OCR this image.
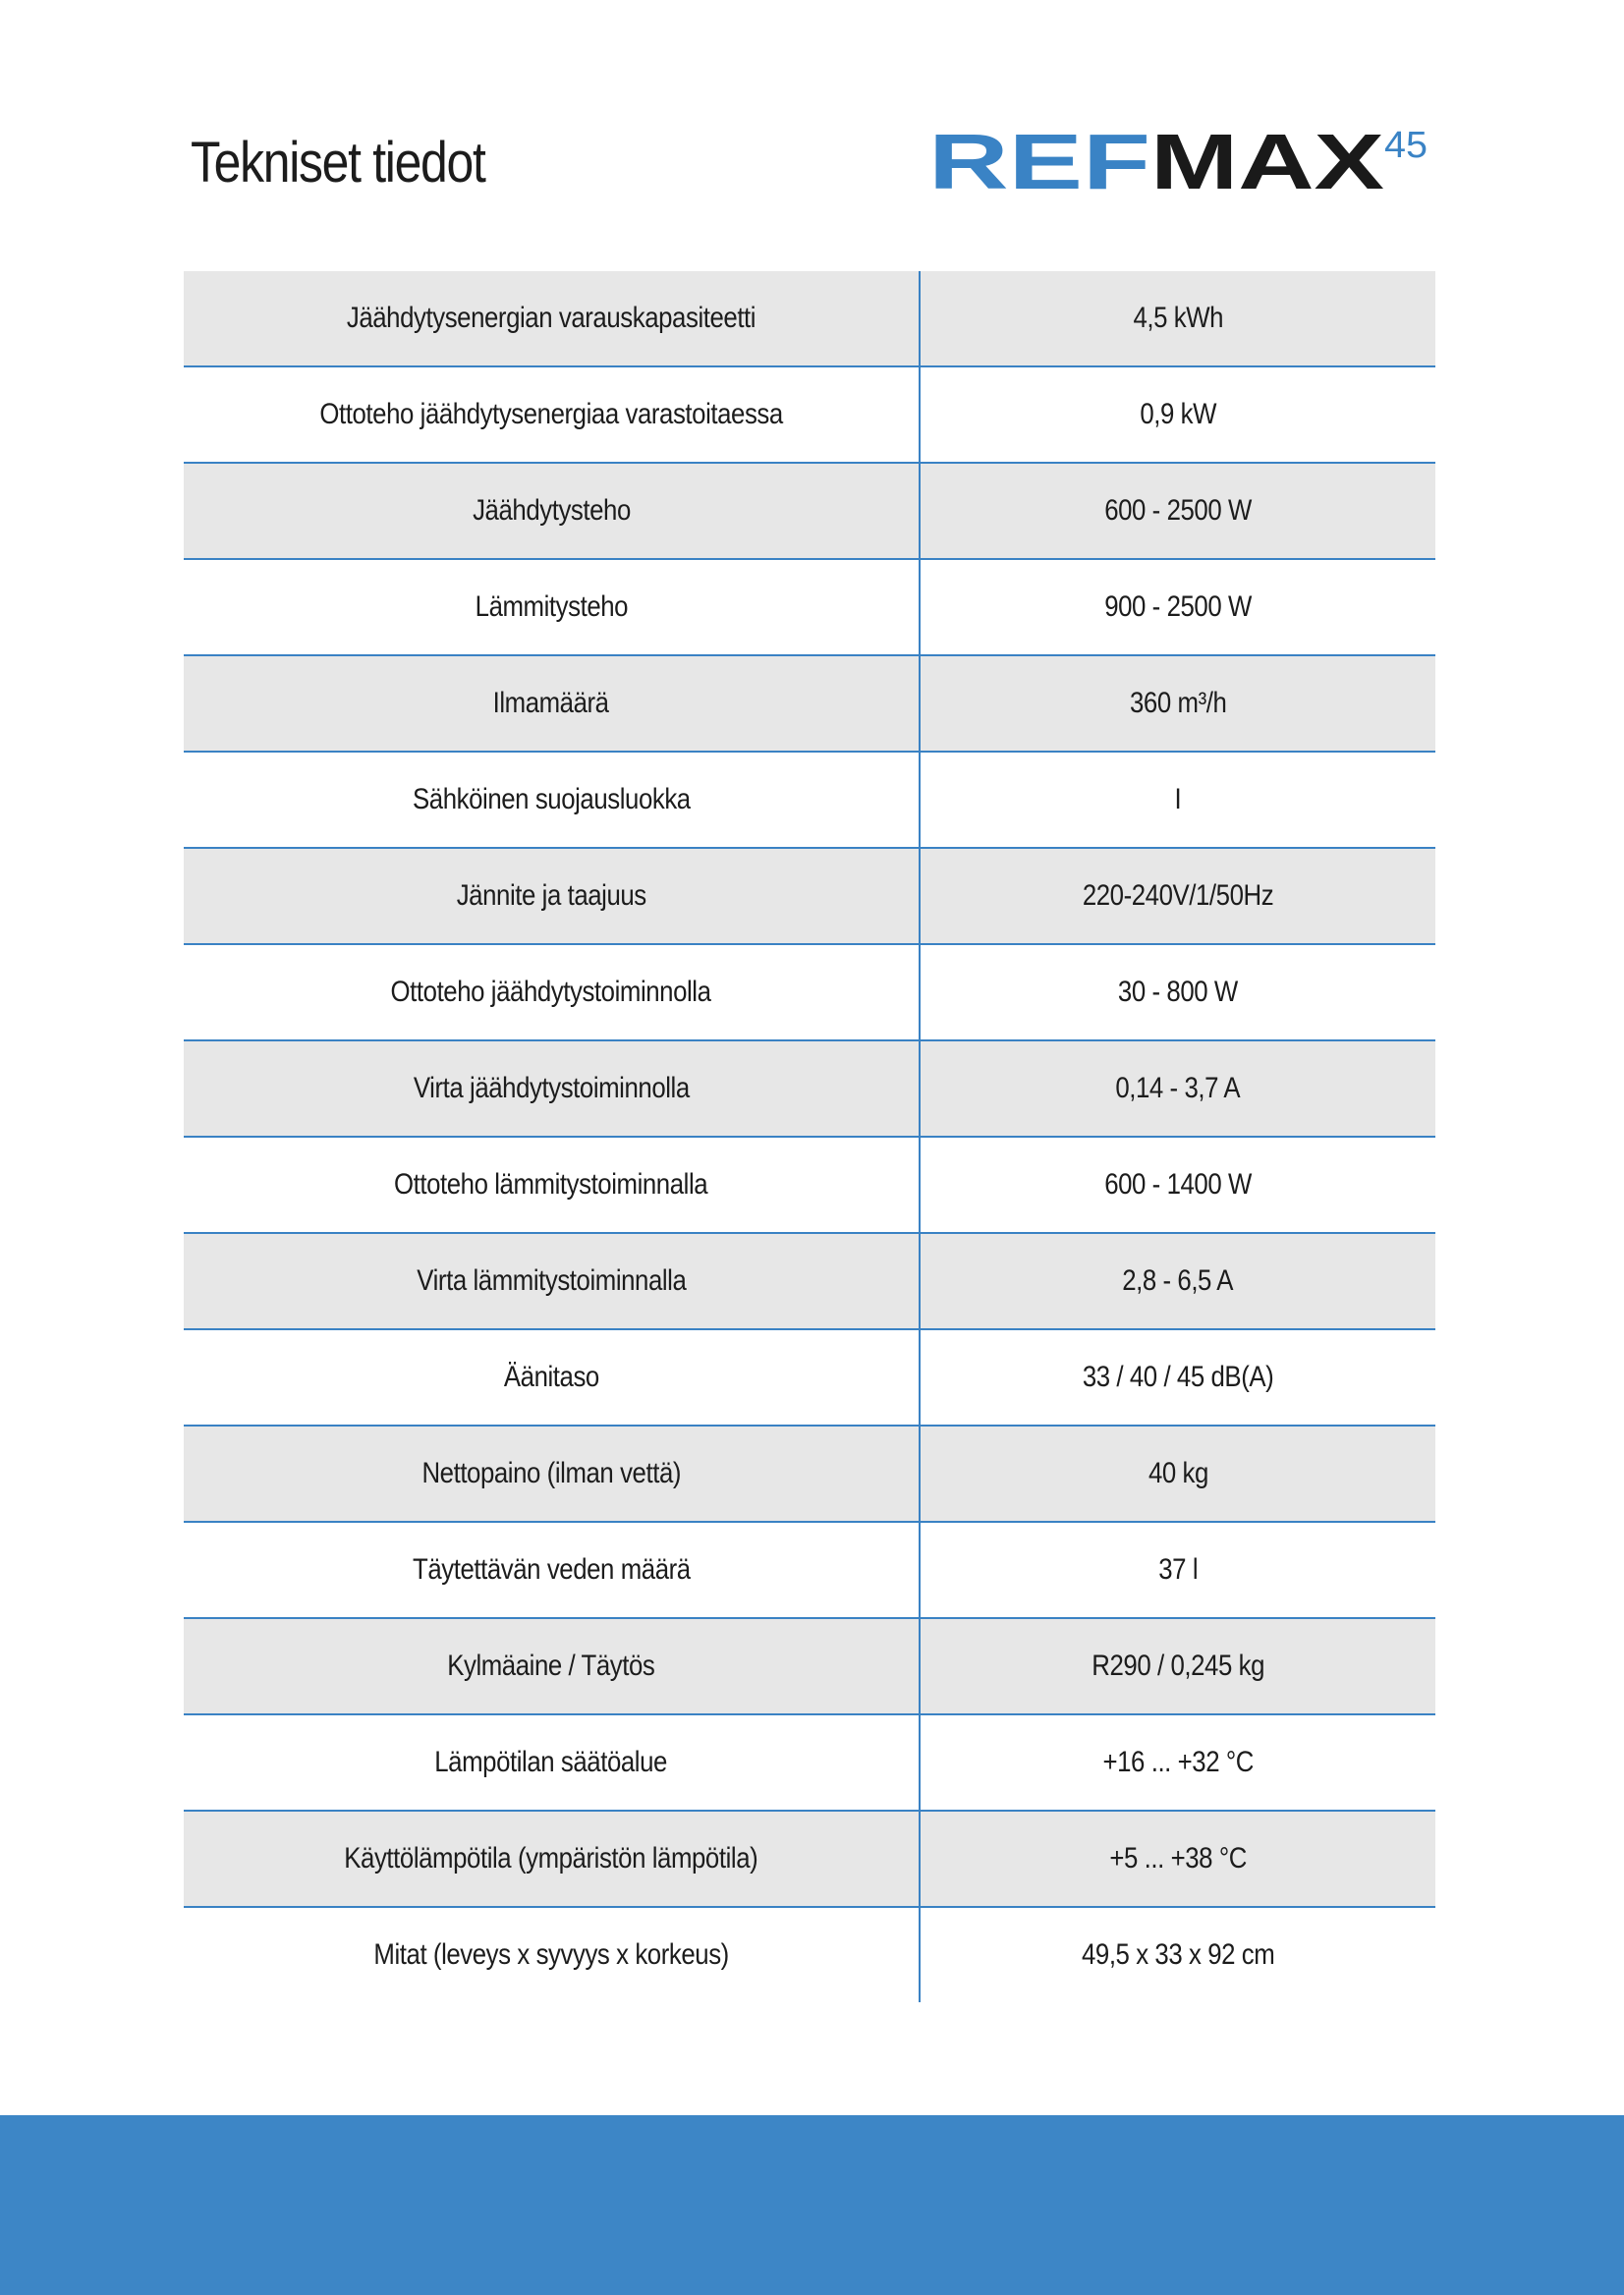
Tekniset tiedot	REF MAX 45
Jäähdytysenergian varauskapasiteetti	4,5 kWh
Ottoteho jäähdytysenergiaa varastoitaessa	0,9 kW
Jäähdytysteho	600 - 2500 W
Lämmitysteho	900 - 2500 W
Ilmamäärä	360 m³/h
Sähköinen suojausluokka	I
Jännite ja taajuus	220-240V/1/50Hz
Ottoteho jäähdytystoiminnolla	30 - 800 W
Virta jäähdytystoiminnolla	0,14 - 3,7 A
Ottoteho lämmitystoiminnalla	600 - 1400 W
Virta lämmitystoiminnalla	2,8 - 6,5 A
Äänitaso	33 / 40 / 45 dB(A)
Nettopaino (ilman vettä)	40 kg
Täytettävän veden määrä	37 l
Kylmäaine / Täytös	R290 / 0,245 kg
Lämpötilan säätöalue	+16 ... +32 °C
Käyttölämpötila (ympäristön lämpötila)	+5 ... +38 °C
Mitat (leveys x syvyys x korkeus)	49,5 x 33 x 92 cm
